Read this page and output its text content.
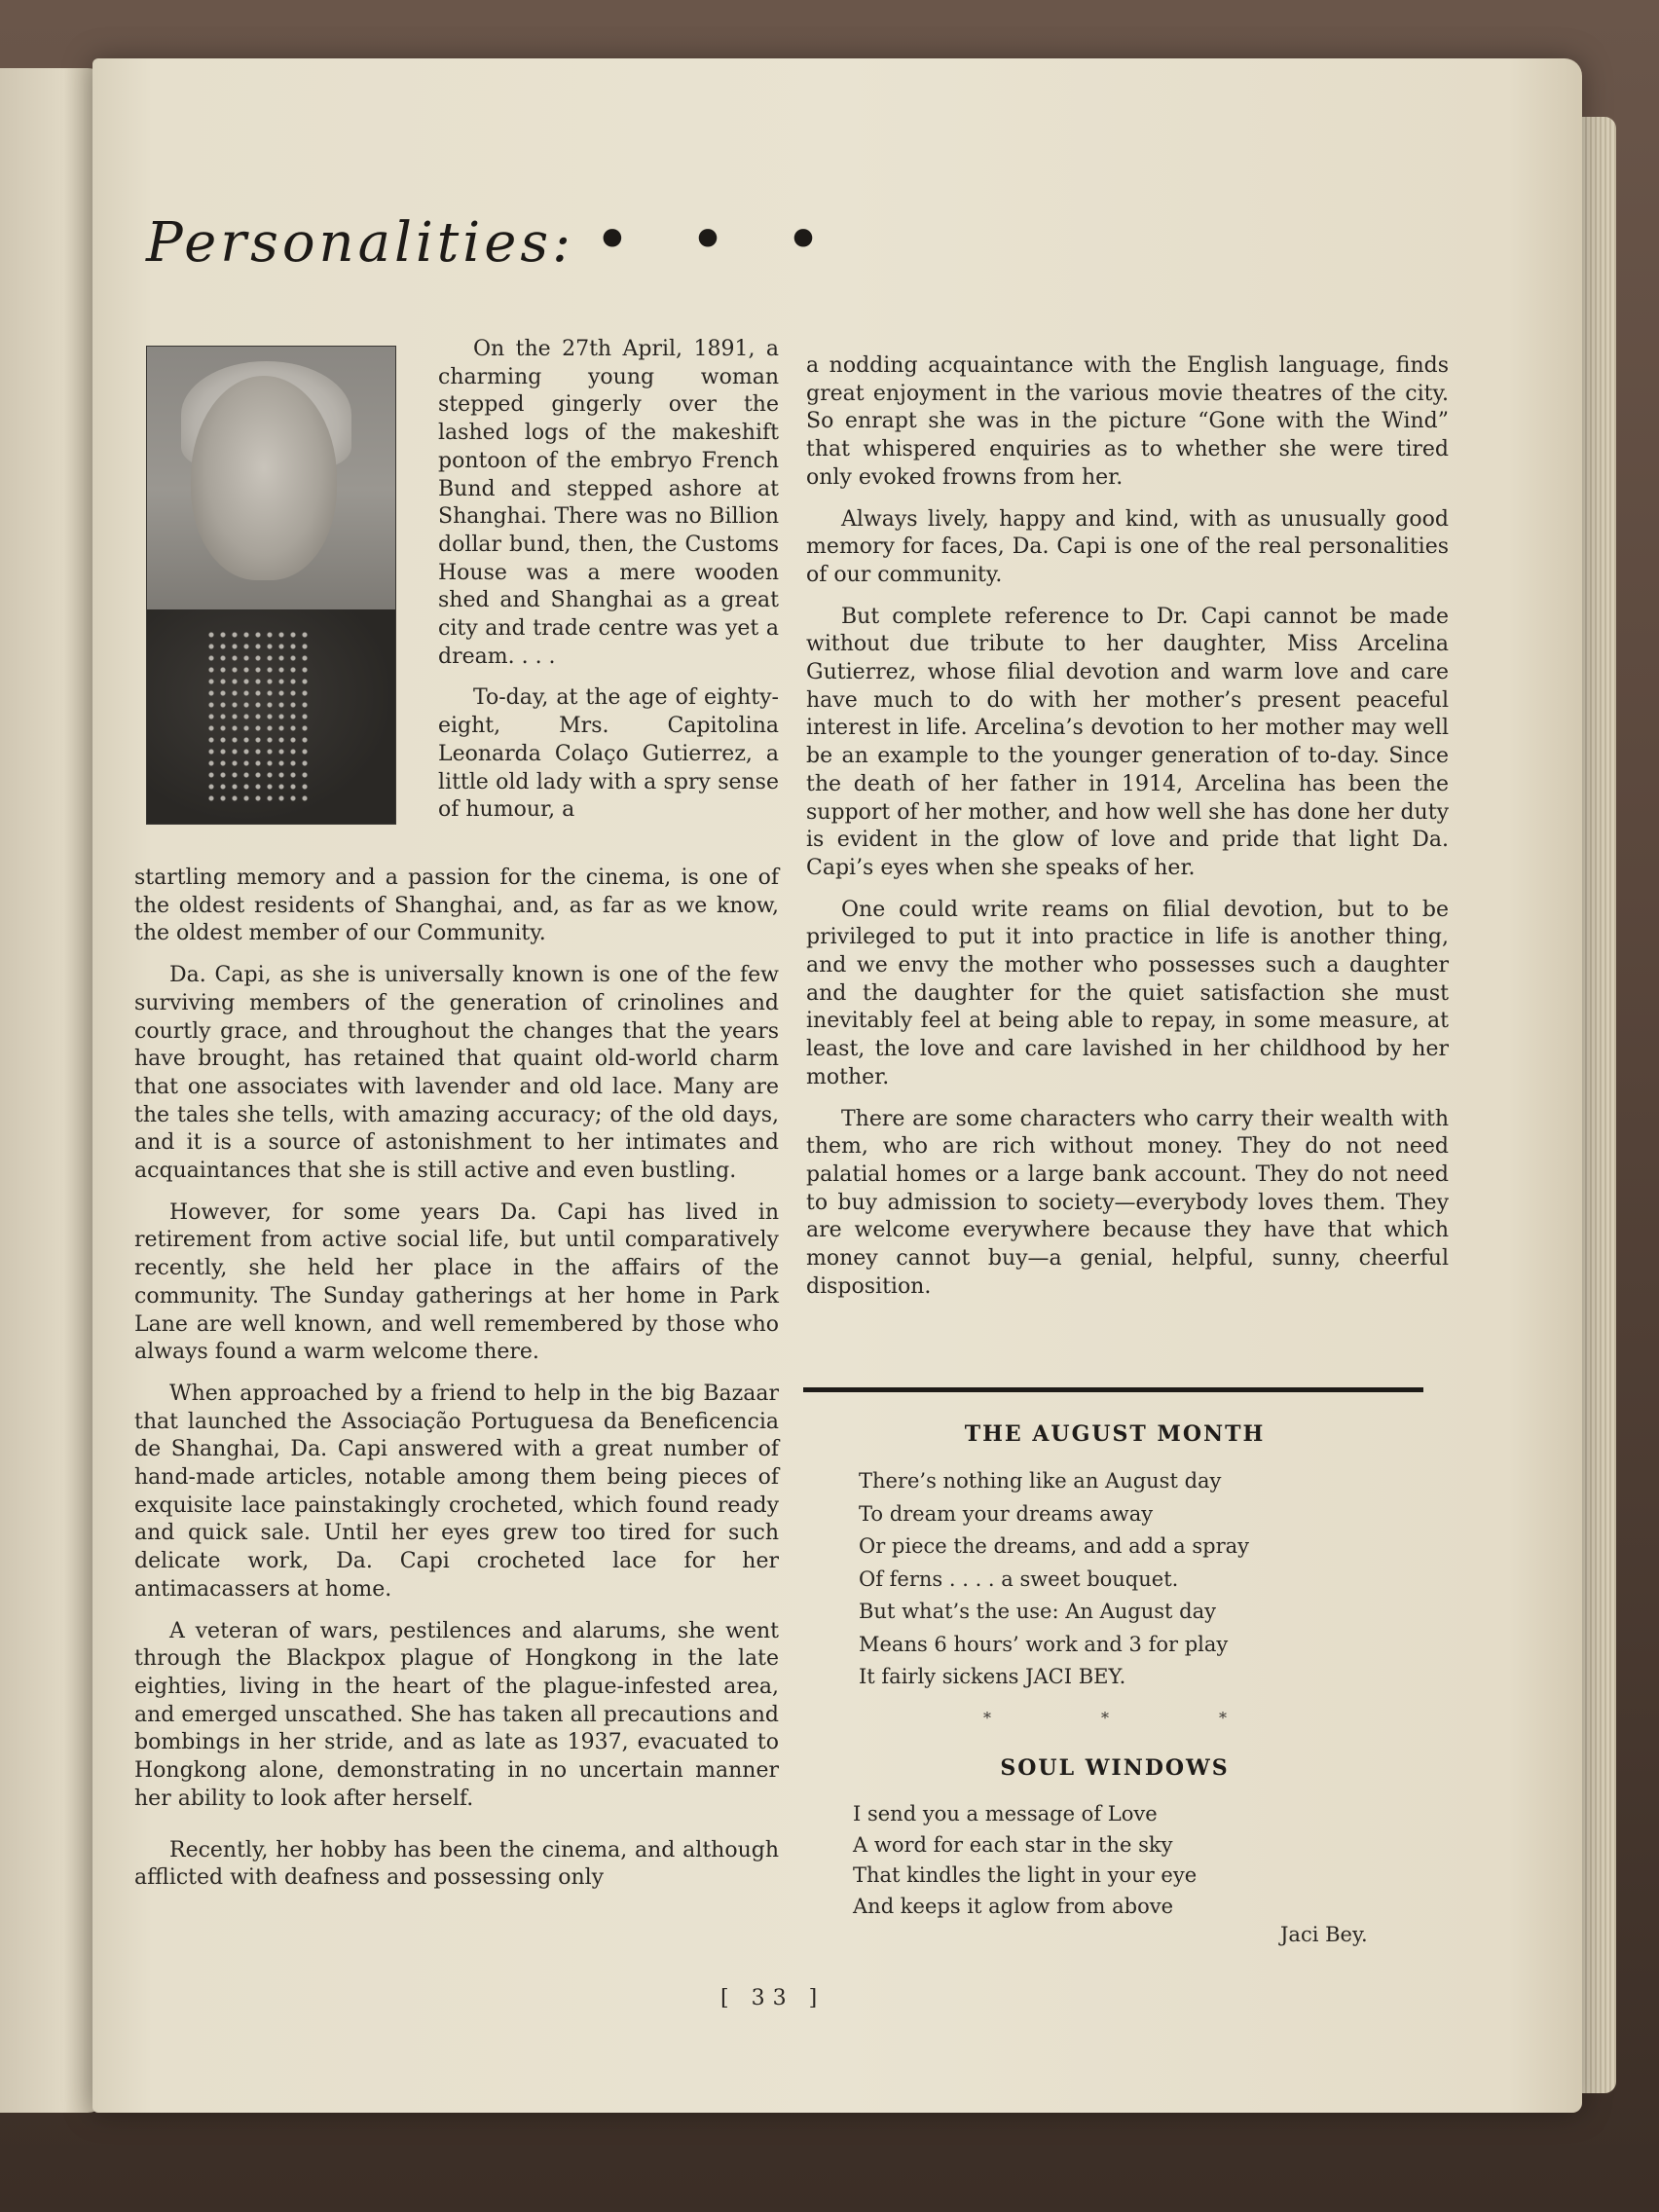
Personalities: • • •

On the 27th April, 1891, a charming young woman stepped gingerly over the lashed logs of the makeshift pontoon of the embryo French Bund and stepped ashore at Shanghai. There was no Billion dollar bund, then, the Customs House was a mere wooden shed and Shanghai as a great city and trade centre was yet a dream. . . .

To-day, at the age of eighty-eight, Mrs. Capitolina Leonarda Colaço Gutierrez, a little old lady with a spry sense of humour, a

startling memory and a passion for the cinema, is one of the oldest residents of Shanghai, and, as far as we know, the oldest member of our Community.

Da. Capi, as she is universally known is one of the few surviving members of the generation of crinolines and courtly grace, and throughout the changes that the years have brought, has retained that quaint old-world charm that one associates with lavender and old lace. Many are the tales she tells, with amazing accuracy; of the old days, and it is a source of astonishment to her intimates and acquaintances that she is still active and even bustling.

However, for some years Da. Capi has lived in retirement from active social life, but until comparatively recently, she held her place in the affairs of the community. The Sunday gatherings at her home in Park Lane are well known, and well remembered by those who always found a warm welcome there.

When approached by a friend to help in the big Bazaar that launched the Associação Portuguesa da Beneficencia de Shanghai, Da. Capi answered with a great number of hand-made articles, notable among them being pieces of exquisite lace painstakingly crocheted, which found ready and quick sale. Until her eyes grew too tired for such delicate work, Da. Capi crocheted lace for her antimacassers at home.

A veteran of wars, pestilences and alarums, she went through the Blackpox plague of Hongkong in the late eighties, living in the heart of the plague-infested area, and emerged unscathed. She has taken all precautions and bombings in her stride, and as late as 1937, evacuated to Hongkong alone, demonstrating in no uncertain manner her ability to look after herself.

Recently, her hobby has been the cinema, and although afflicted with deafness and possessing only

a nodding acquaintance with the English language, finds great enjoyment in the various movie theatres of the city. So enrapt she was in the picture “Gone with the Wind” that whispered enquiries as to whether she were tired only evoked frowns from her.

Always lively, happy and kind, with as unusually good memory for faces, Da. Capi is one of the real personalities of our community.

But complete reference to Dr. Capi cannot be made without due tribute to her daughter, Miss Arcelina Gutierrez, whose filial devotion and warm love and care have much to do with her mother’s present peaceful interest in life. Arcelina’s devotion to her mother may well be an example to the younger generation of to-day. Since the death of her father in 1914, Arcelina has been the support of her mother, and how well she has done her duty is evident in the glow of love and pride that light Da. Capi’s eyes when she speaks of her.

One could write reams on filial devotion, but to be privileged to put it into practice in life is another thing, and we envy the mother who possesses such a daughter and the daughter for the quiet satisfaction she must inevitably feel at being able to repay, in some measure, at least, the love and care lavished in her childhood by her mother.

There are some characters who carry their wealth with them, who are rich without money. They do not need palatial homes or a large bank account. They do not need to buy admission to society—everybody loves them. They are welcome everywhere because they have that which money cannot buy—a genial, helpful, sunny, cheerful disposition.

THE AUGUST MONTH
There’s nothing like an August day
To dream your dreams away
Or piece the dreams, and add a spray
Of ferns . . . . a sweet bouquet.
But what’s the use: An August day
Means 6 hours’ work and 3 for play
It fairly sickens JACI BEY.
*	*	*
SOUL WINDOWS
I send you a message of Love
A word for each star in the sky
That kindles the light in your eye
And keeps it aglow from above
Jaci Bey.
[ 33 ]
